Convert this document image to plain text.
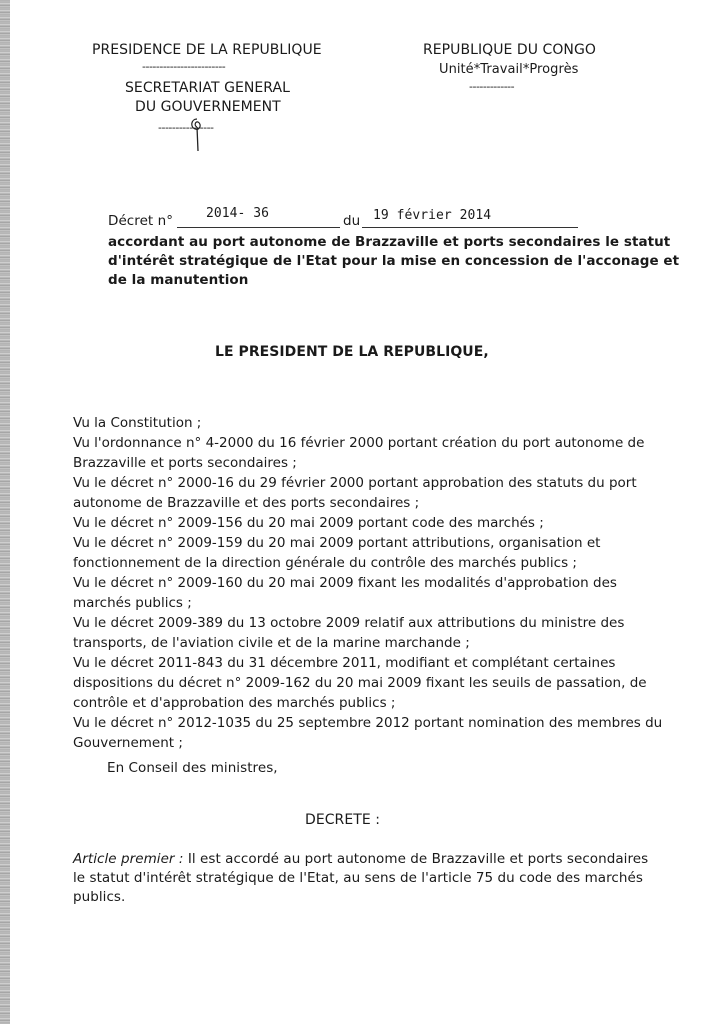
PRESIDENCE DE LA REPUBLIQUE
------------------------
SECRETARIAT GENERAL
DU GOUVERNEMENT
----------------
REPUBLIQUE DU CONGO
Unité*Travail*Progrès
-------------
Décret n°	2014- 36	du 19 février 2014
accordant au port autonome de Brazzaville et ports secondaires le statut
d'intérêt stratégique de l'Etat pour la mise en concession de l'acconage et
de la manutention
LE PRESIDENT DE LA REPUBLIQUE,
Vu la Constitution ;
Vu l'ordonnance n° 4-2000 du 16 février 2000 portant création du port autonome de
Brazzaville et ports secondaires ;
Vu le décret n° 2000-16 du 29 février 2000 portant approbation des statuts du port
autonome de Brazzaville et des ports secondaires ;
Vu le décret n° 2009-156 du 20 mai 2009 portant code des marchés ;
Vu le décret n° 2009-159 du 20 mai 2009 portant attributions, organisation et
fonctionnement de la direction générale du contrôle des marchés publics ;
Vu le décret n° 2009-160 du 20 mai 2009 fixant les modalités d'approbation des
marchés publics ;
Vu le décret 2009-389 du 13 octobre 2009 relatif aux attributions du ministre des
transports, de l'aviation civile et de la marine marchande ;
Vu le décret 2011-843 du 31 décembre 2011, modifiant et complétant certaines
dispositions du décret n° 2009-162 du 20 mai 2009 fixant les seuils de passation, de
contrôle et d'approbation des marchés publics ;
Vu le décret n° 2012-1035 du 25 septembre 2012 portant nomination des membres du
Gouvernement ;
En Conseil des ministres,
DECRETE :
Article premier : Il est accordé au port autonome de Brazzaville et ports secondaires
le statut d'intérêt stratégique de l'Etat, au sens de l'article 75 du code des marchés
publics.
